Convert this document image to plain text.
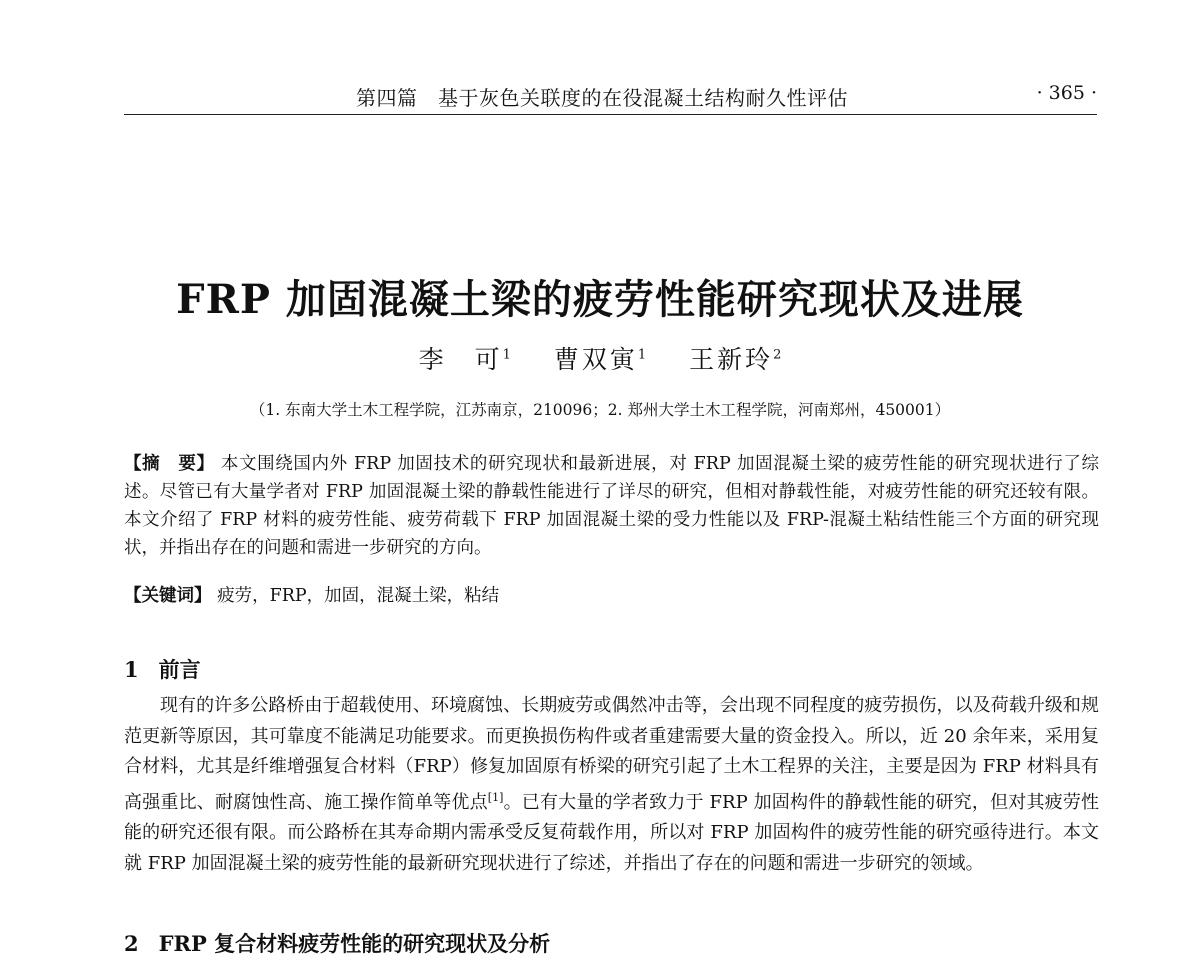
第四篇　基于灰色关联度的在役混凝土结构耐久性评估	· 365 ·
FRP 加固混凝土梁的疲劳性能研究现状及进展
李　可$^1$ 曹双寅$^1$ 王新玲$^2$
（1. 东南大学土木工程学院，江苏南京，210096；2. 郑州大学土木工程学院，河南郑州，450001）

【摘　要】 本文围绕国内外 FRP 加固技术的研究现状和最新进展，对 FRP 加固混凝土梁的疲劳性能的研究现状进行了综述。尽管已有大量学者对 FRP 加固混凝土梁的静载性能进行了详尽的研究，但相对静载性能，对疲劳性能的研究还较有限。本文介绍了 FRP 材料的疲劳性能、疲劳荷载下 FRP 加固混凝土梁的受力性能以及 FRP-混凝土粘结性能三个方面的研究现状，并指出存在的问题和需进一步研究的方向。

【关键词】 疲劳，FRP，加固，混凝土梁，粘结
1 前言

现有的许多公路桥由于超载使用、环境腐蚀、长期疲劳或偶然冲击等，会出现不同程度的疲劳损伤，以及荷载升级和规范更新等原因，其可靠度不能满足功能要求。而更换损伤构件或者重建需要大量的资金投入。所以，近 20 余年来，采用复合材料，尤其是纤维增强复合材料（FRP）修复加固原有桥梁的研究引起了土木工程界的关注，主要是因为 FRP 材料具有高强重比、耐腐蚀性高、施工操作简单等优点[1]。已有大量的学者致力于 FRP 加固构件的静载性能的研究，但对其疲劳性能的研究还很有限。而公路桥在其寿命期内需承受反复荷载作用，所以对 FRP 加固构件的疲劳性能的研究亟待进行。本文就 FRP 加固混凝土梁的疲劳性能的最新研究现状进行了综述，并指出了存在的问题和需进一步研究的领域。

2 FRP 复合材料疲劳性能的研究现状及分析
